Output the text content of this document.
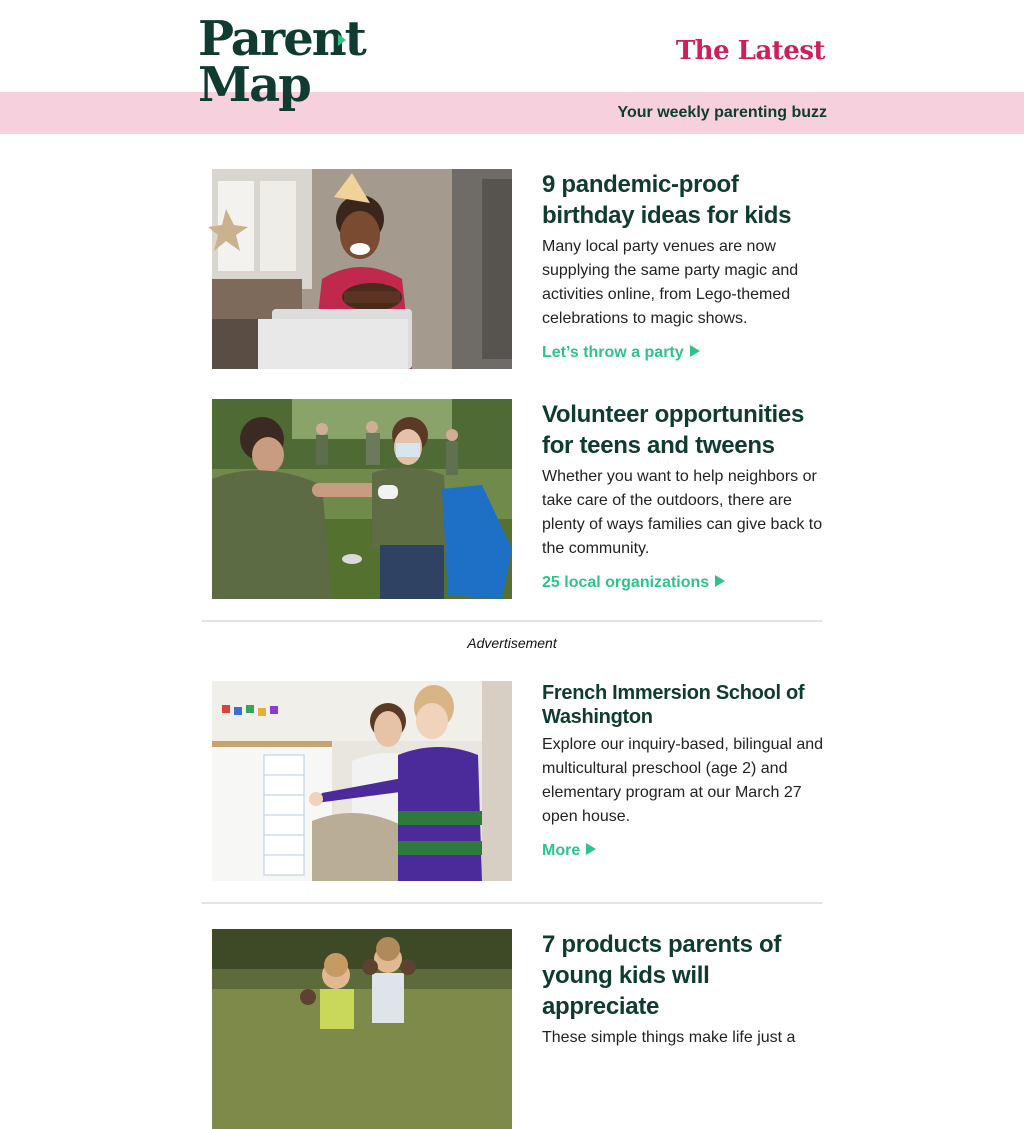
Parent
Map
The Latest
Your weekly parenting buzz
9 pandemic-proof birthday ideas for kids

Many local party venues are now supplying the same party magic and activities online, from Lego-themed celebrations to magic shows.

Let’s throw a party
Volunteer opportunities for teens and tweens

Whether you want to help neighbors or take care of the outdoors, there are plenty of ways families can give back to the community.

25 local organizations
Advertisement
French Immersion School of Washington

Explore our inquiry-based, bilingual and multicultural preschool (age 2) and elementary program at our March 27 open house.

More
7 products parents of young kids will appreciate

These simple things make life just a
